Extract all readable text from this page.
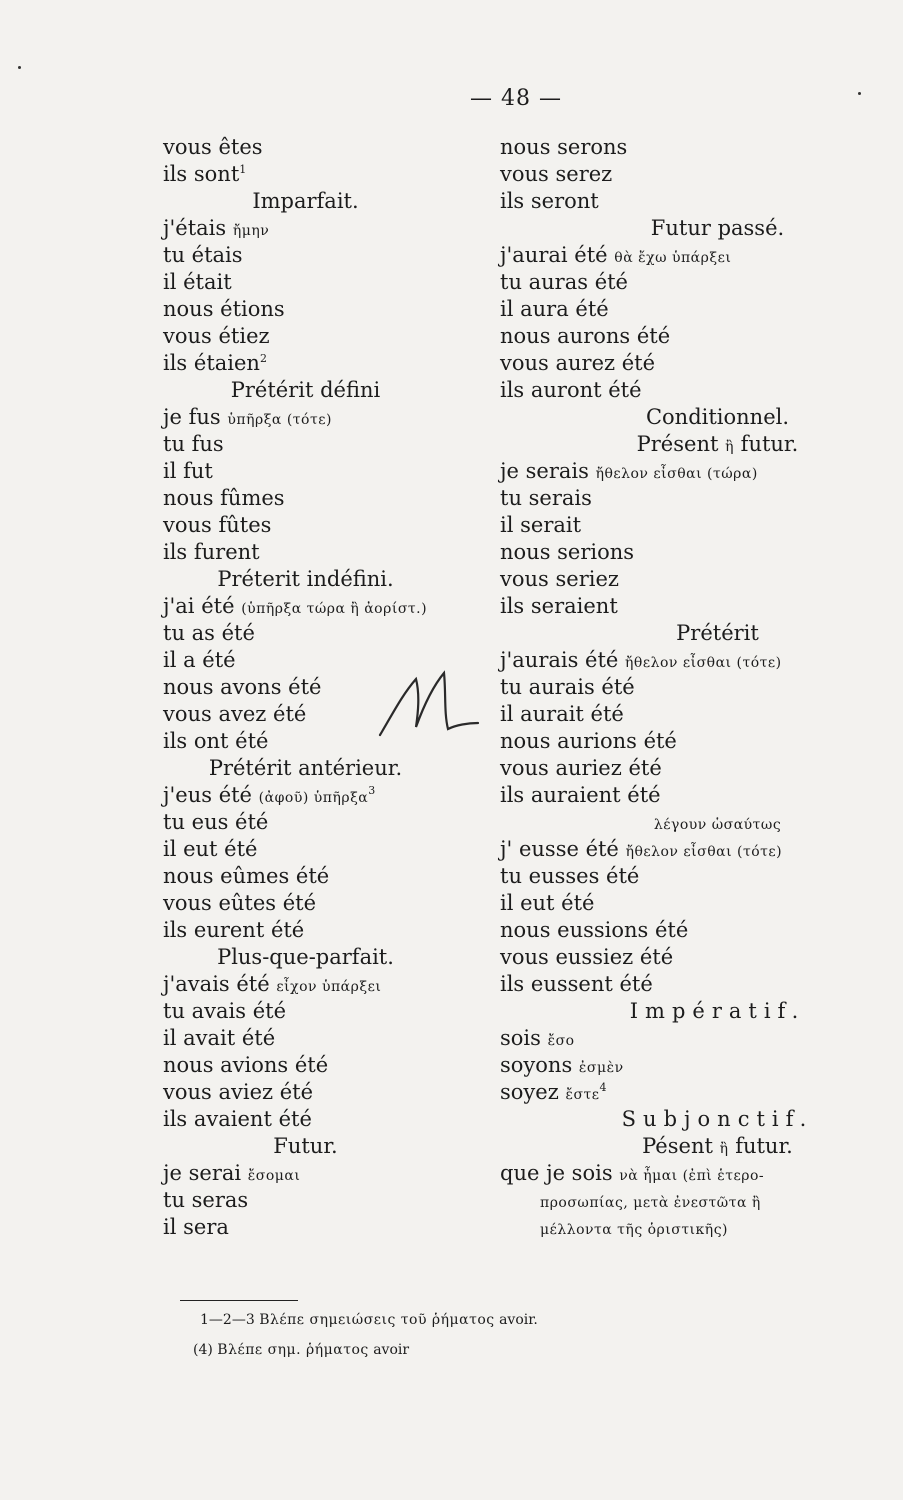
— 48 —
vous êtes
ils sont$^1$
Imparfait.
j'étais ἤμην
tu étais
il était
nous étions
vous étiez
ils étaien$^2$
Prétérit défini
je fus ὑπῆρξα (τότε)
tu fus
il fut
nous fûmes
vous fûtes
ils furent
Préterit indéfini.
j'ai été (ὑπῆρξα τώρα ἢ ἀορίστ.)
tu as été
il a été
nous avons été
vous avez été
ils ont été
Prétérit antérieur.
j'eus été (ἀφοῦ) ὑπῆρξα$^3$
tu eus été
il eut été
nous eûmes été
vous eûtes été
ils eurent été
Plus-que-parfait.
j'avais été εἶχον ὑπάρξει
tu avais été
il avait été
nous avions été
vous aviez été
ils avaient été
Futur.
je serai ἔσομαι
tu seras
il sera
nous serons
vous serez
ils seront
Futur passé.
j'aurai été θὰ ἔχω ὑπάρξει
tu auras été
il aura été
nous aurons été
vous aurez été
ils auront été
Conditionnel.
Présent ἢ futur.
je serais ἤθελον εἶσθαι (τώρα)
tu serais
il serait
nous serions
vous seriez
ils seraient
Prétérit
j'aurais été ἤθελον εἶσθαι (τότε)
tu aurais été
il aurait été
nous aurions été
vous auriez été
ils auraient été
λέγουν ὡσαύτως
j' eusse été ἤθελον εἶσθαι (τότε)
tu eusses été
il eut été
nous eussions été
vous eussiez été
ils eussent été
Impératif.
sois ἔσο
soyons ἐσμὲν
soyez ἔστε$^4$
Subjonctif.
Pésent ἢ futur.
que je sois νὰ ἦμαι (ἐπὶ ἑτερο-
προσωπίας, μετὰ ἐνεστῶτα ἢ
μέλλοντα τῆς ὁριστικῆς)
1—2—3 Βλέπε σημειώσεις τοῦ ῥήματος avoir.
(4) Βλέπε σημ. ῥήματος avoir
